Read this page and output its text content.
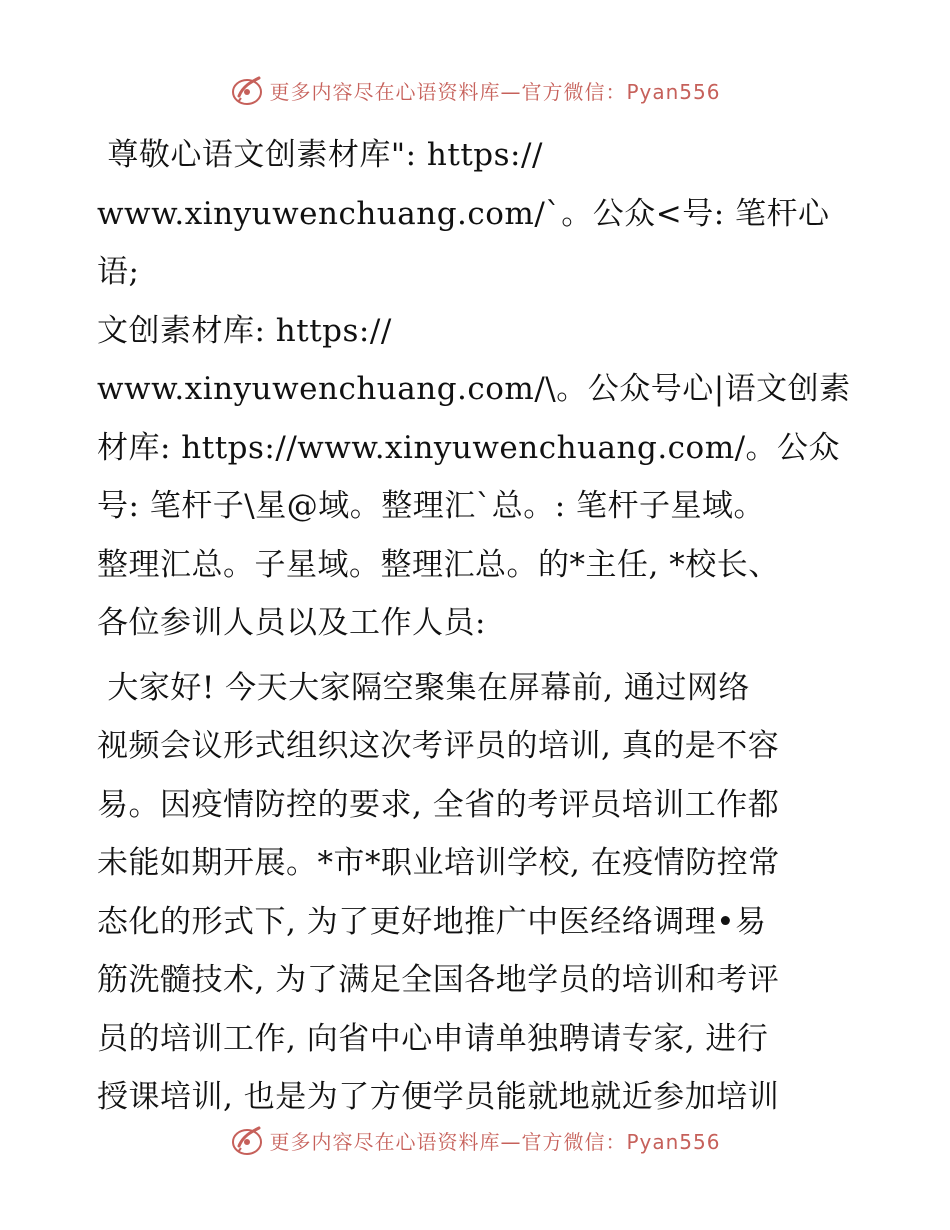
更多内容尽在心语资料库—官方微信：Pyan556

尊敬心语文创素材库": https://
www.xinyuwenchuang.com/`。公众<号: 笔杆心语;
文创素材库: https://
www.xinyuwenchuang.com/\。公众号心|语文创素
材库: https://www.xinyuwenchuang.com/。公众
号: 笔杆子\星@域。整理汇`总。: 笔杆子星域。
整理汇总。子星域。整理汇总。的*主任, *校长、
各位参训人员以及工作人员:

大家好! 今天大家隔空聚集在屏幕前, 通过网络
视频会议形式组织这次考评员的培训, 真的是不容
易。因疫情防控的要求, 全省的考评员培训工作都
未能如期开展。*市*职业培训学校, 在疫情防控常
态化的形式下, 为了更好地推广中医经络调理•易
筋洗髓技术, 为了满足全国各地学员的培训和考评
员的培训工作, 向省中心申请单独聘请专家, 进行
授课培训, 也是为了方便学员能就地就近参加培训

更多内容尽在心语资料库—官方微信：Pyan556
